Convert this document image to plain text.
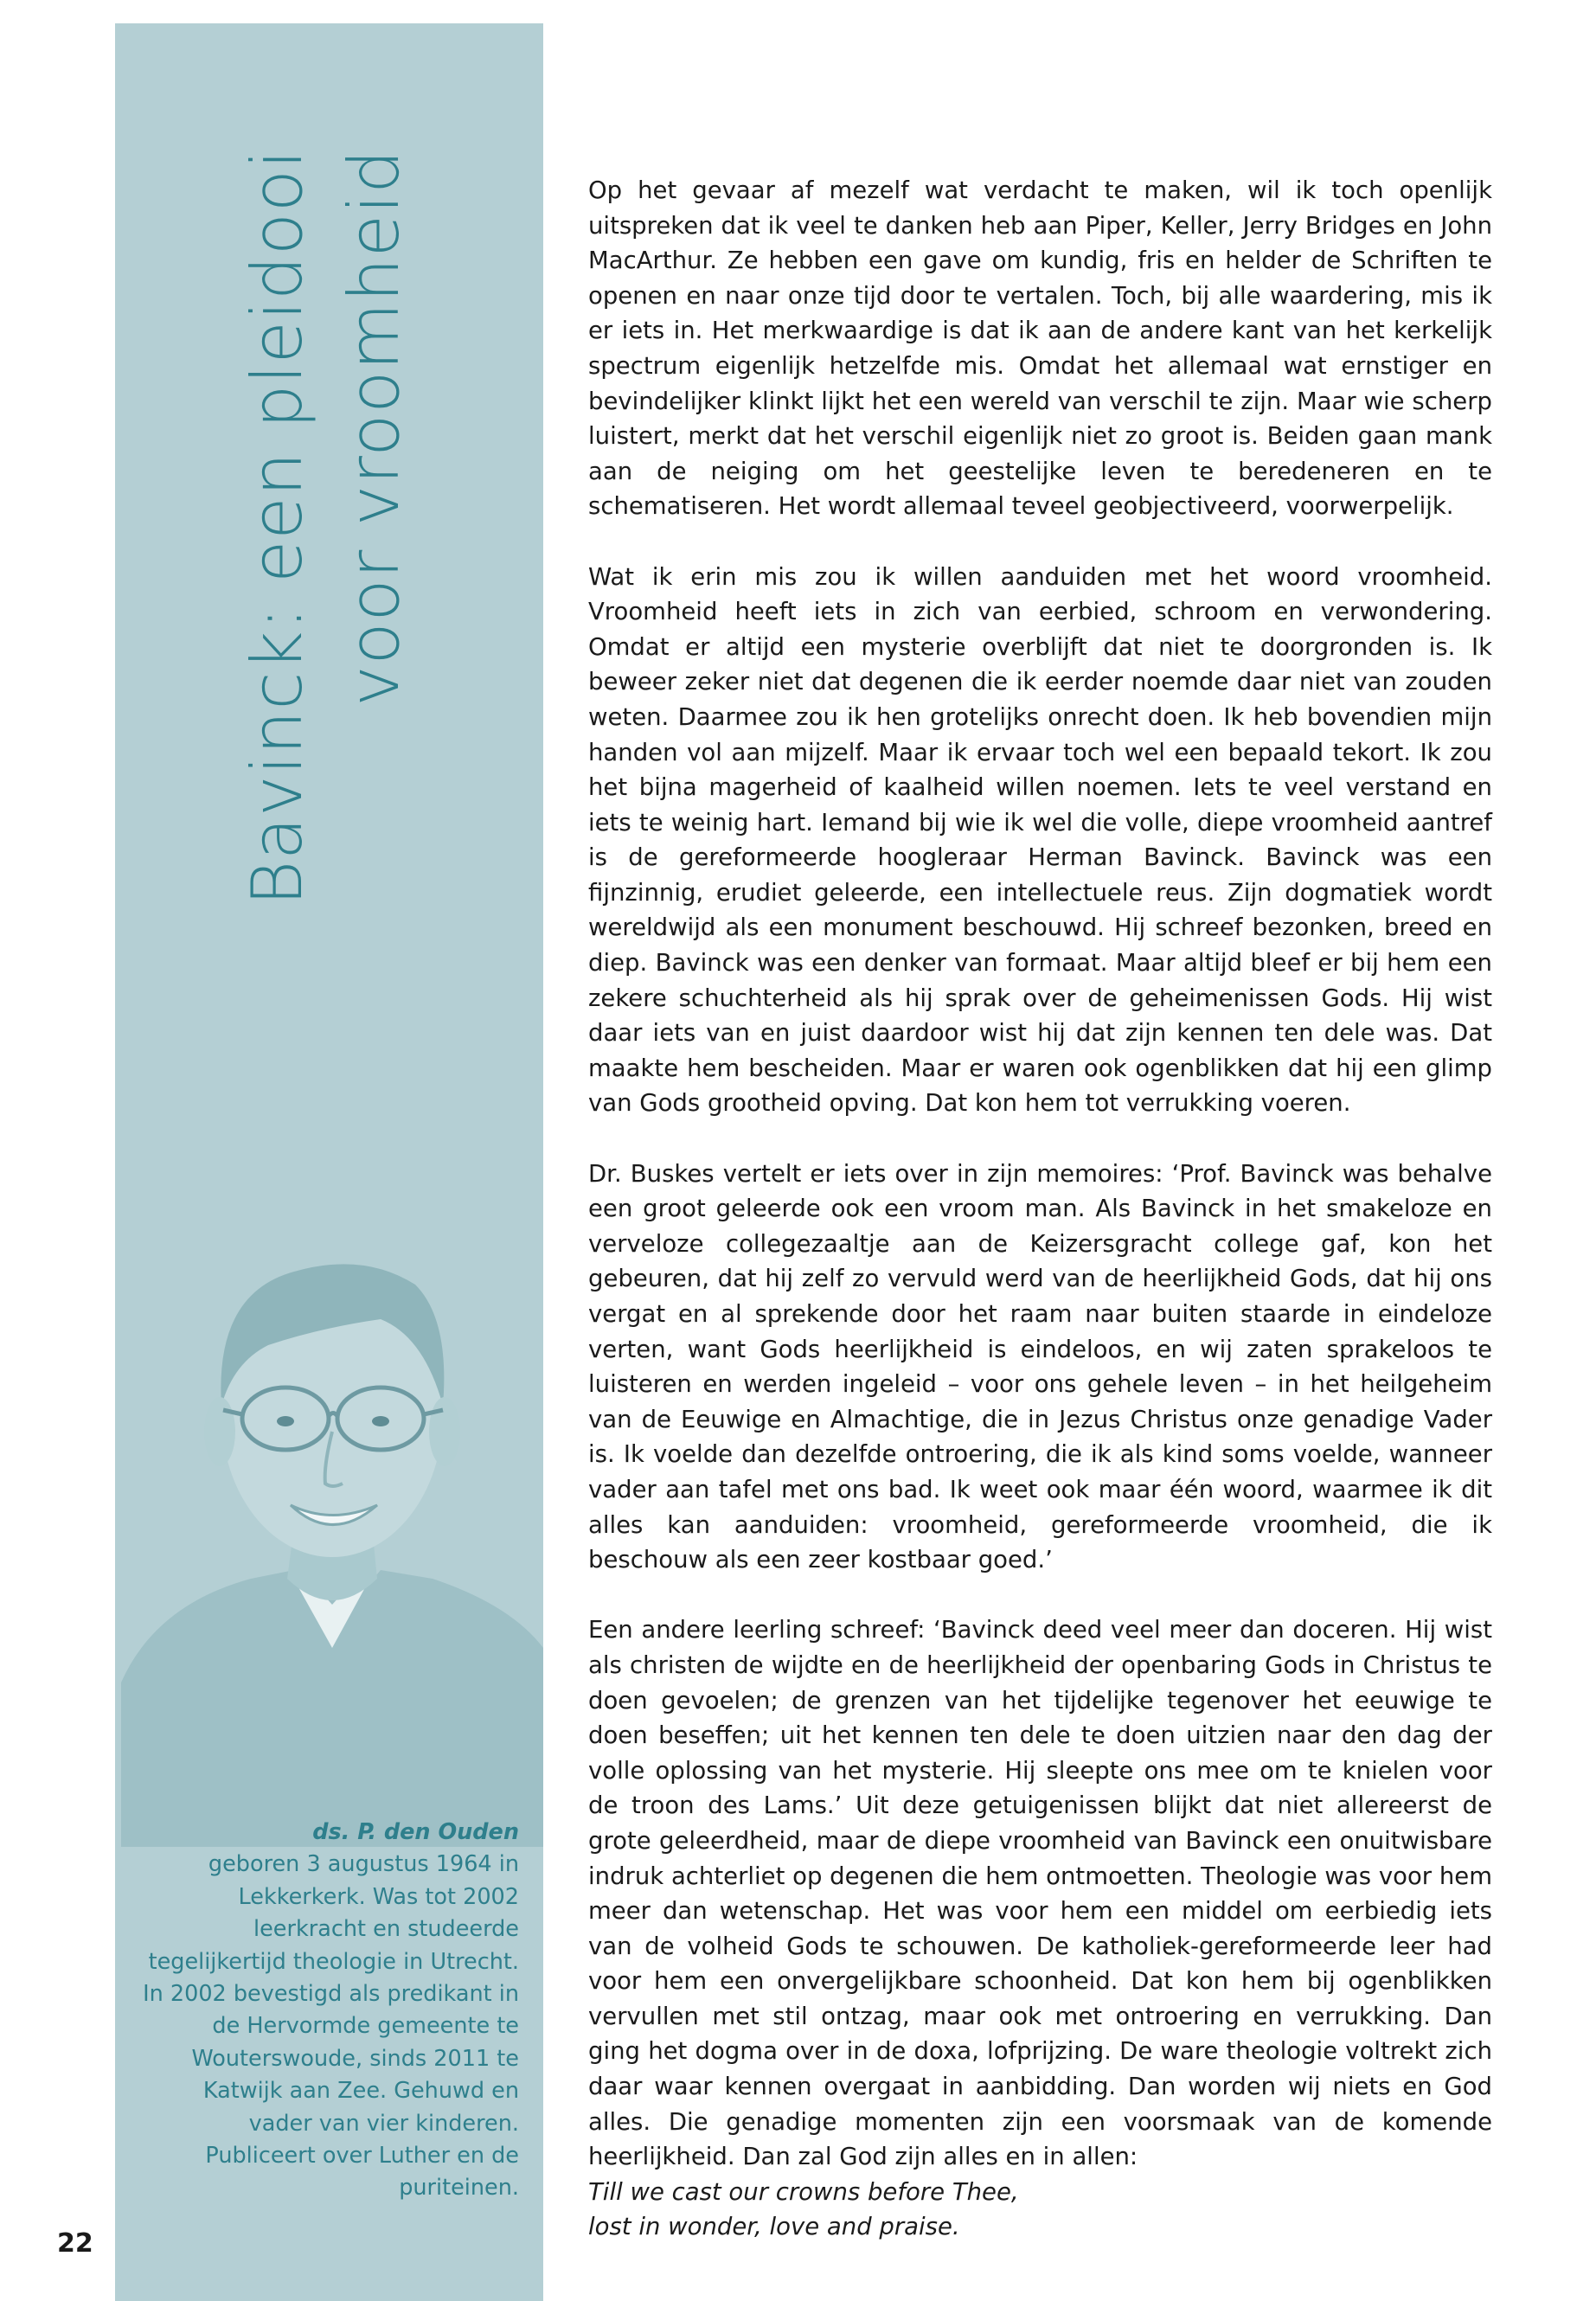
Bavinck: een pleidooi voor vroomheid
ds. P. den Ouden
geboren 3 augustus 1964 in Lekkerkerk. Was tot 2002 leerkracht en studeerde tegelijkertijd theologie in Utrecht. In 2002 bevestigd als predikant in de Hervormde gemeente te Wouterswoude, sinds 2011 te Katwijk aan Zee. Gehuwd en vader van vier kinderen. Publiceert over Luther en de puriteinen.
22

Op het gevaar af mezelf wat verdacht te maken, wil ik toch openlijk uitspreken dat ik veel te danken heb aan Piper, Keller, Jerry Bridges en John MacArthur. Ze hebben een gave om kundig, fris en helder de Schriften te openen en naar onze tijd door te vertalen. Toch, bij alle waardering, mis ik er iets in. Het merkwaardige is dat ik aan de andere kant van het kerkelijk spectrum eigenlijk hetzelfde mis. Omdat het allemaal wat ernstiger en bevindelijker klinkt lijkt het een wereld van verschil te zijn. Maar wie scherp luistert, merkt dat het verschil eigenlijk niet zo groot is. Beiden gaan mank aan de neiging om het geestelijke leven te beredeneren en te schematiseren. Het wordt allemaal teveel geobjectiveerd, voorwerpelijk.

Wat ik erin mis zou ik willen aanduiden met het woord vroomheid. Vroomheid heeft iets in zich van eerbied, schroom en verwondering. Omdat er altijd een mysterie overblijft dat niet te doorgronden is. Ik beweer zeker niet dat degenen die ik eerder noemde daar niet van zouden weten. Daarmee zou ik hen grotelijks onrecht doen. Ik heb bovendien mijn handen vol aan mijzelf. Maar ik ervaar toch wel een bepaald tekort. Ik zou het bijna magerheid of kaalheid willen noemen. Iets te veel verstand en iets te weinig hart. Iemand bij wie ik wel die volle, diepe vroomheid aantref is de gereformeerde hoogleraar Herman Bavinck. Bavinck was een fijnzinnig, erudiet geleerde, een intellectuele reus. Zijn dogmatiek wordt wereldwijd als een monument beschouwd. Hij schreef bezonken, breed en diep. Bavinck was een denker van formaat. Maar altijd bleef er bij hem een zekere schuchterheid als hij sprak over de geheimenissen Gods. Hij wist daar iets van en juist daardoor wist hij dat zijn kennen ten dele was. Dat maakte hem bescheiden. Maar er waren ook ogenblikken dat hij een glimp van Gods grootheid opving. Dat kon hem tot verrukking voeren.

Dr. Buskes vertelt er iets over in zijn memoires: ‘Prof. Bavinck was behalve een groot geleerde ook een vroom man. Als Bavinck in het smakeloze en verveloze collegezaaltje aan de Keizersgracht college gaf, kon het gebeuren, dat hij zelf zo vervuld werd van de heerlijkheid Gods, dat hij ons vergat en al sprekende door het raam naar buiten staarde in eindeloze verten, want Gods heerlijkheid is eindeloos, en wij zaten sprakeloos te luisteren en werden ingeleid – voor ons gehele leven – in het heilgeheim van de Eeuwige en Almachtige, die in Jezus Christus onze genadige Vader is. Ik voelde dan dezelfde ontroering, die ik als kind soms voelde, wanneer vader aan tafel met ons bad. Ik weet ook maar één woord, waarmee ik dit alles kan aanduiden: vroomheid, gereformeerde vroomheid, die ik beschouw als een zeer kostbaar goed.’

Een andere leerling schreef: ‘Bavinck deed veel meer dan doceren. Hij wist als christen de wijdte en de heerlijkheid der openbaring Gods in Christus te doen gevoelen; de grenzen van het tijdelijke tegenover het eeuwige te doen beseffen; uit het kennen ten dele te doen uitzien naar den dag der volle oplossing van het mysterie. Hij sleepte ons mee om te knielen voor de troon des Lams.’ Uit deze getuigenissen blijkt dat niet allereerst de grote geleerdheid, maar de diepe vroomheid van Bavinck een onuitwisbare indruk achterliet op degenen die hem ontmoetten. Theologie was voor hem meer dan wetenschap. Het was voor hem een middel om eerbiedig iets van de volheid Gods te schouwen. De katholiek-gereformeerde leer had voor hem een onvergelijkbare schoonheid. Dat kon hem bij ogenblikken vervullen met stil ontzag, maar ook met ontroering en verrukking. Dan ging het dogma over in de doxa, lofprijzing. De ware theologie voltrekt zich daar waar kennen overgaat in aanbidding. Dan worden wij niets en God alles. Die genadige momenten zijn een voorsmaak van de komende heerlijkheid. Dan zal God zijn alles en in allen:

Till we cast our crowns before Thee,

lost in wonder, love and praise.
